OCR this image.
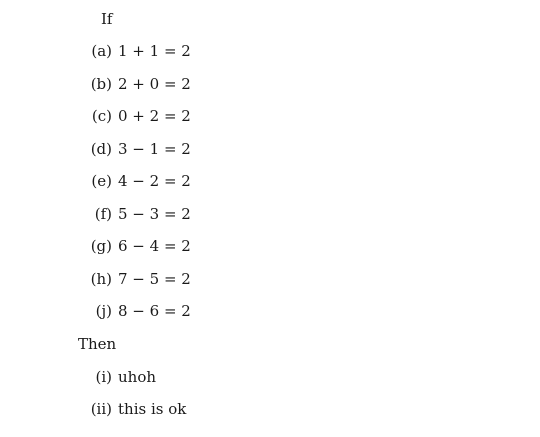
If
(a) 1 + 1 = 2
(b) 2 + 0 = 2
(c) 0 + 2 = 2
(d) 3 − 1 = 2
(e) 4 − 2 = 2
(f) 5 − 3 = 2
(g) 6 − 4 = 2
(h) 7 − 5 = 2
(j) 8 − 6 = 2
Then
(i) uhoh
(ii) this is ok
